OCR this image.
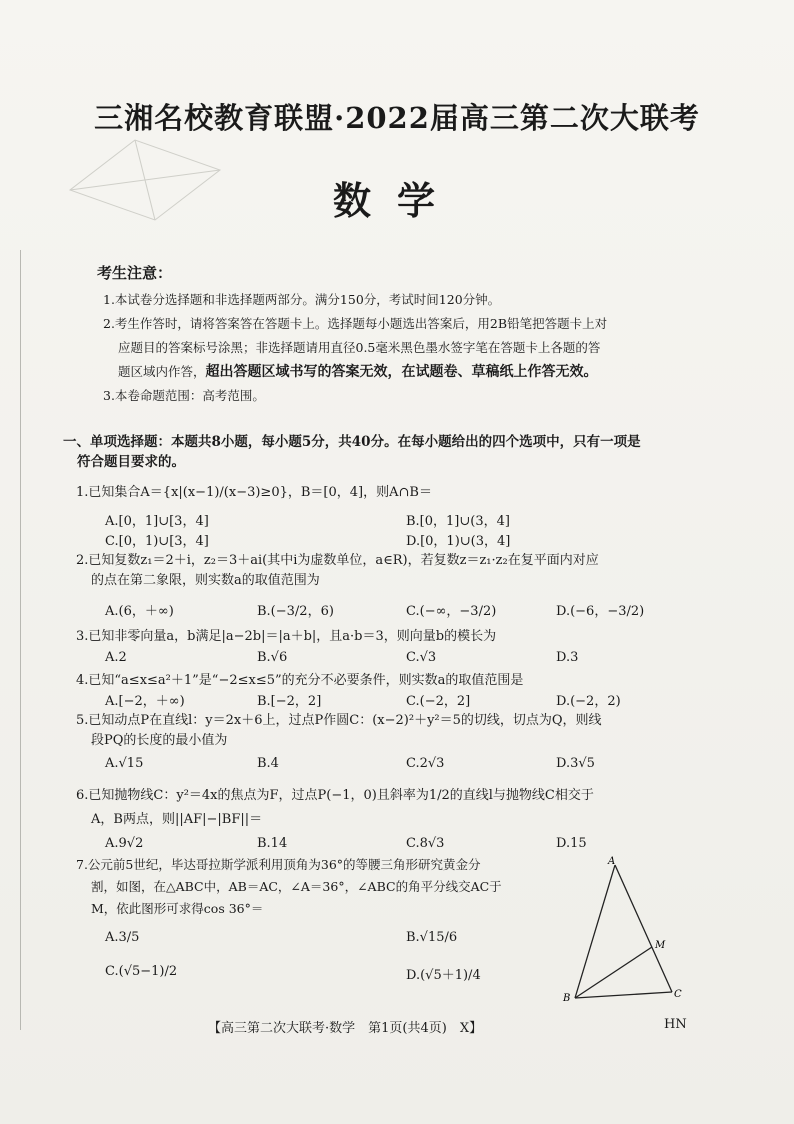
三湘名校教育联盟·2022届高三第二次大联考
数学
考生注意：
1.本试卷分选择题和非选择题两部分。满分150分，考试时间120分钟。
2.考生作答时，请将答案答在答题卡上。选择题每小题选出答案后，用2B铅笔把答题卡上对
应题目的答案标号涂黑；非选择题请用直径0.5毫米黑色墨水签字笔在答题卡上各题的答
题区域内作答，超出答题区域书写的答案无效，在试题卷、草稿纸上作答无效。
3.本卷命题范围：高考范围。
一、单项选择题：本题共8小题，每小题5分，共40分。在每小题给出的四个选项中，只有一项是
符合题目要求的。
1.已知集合A＝{x|(x−1)/(x−3)≥0}，B＝[0，4]，则A∩B＝
A.[0，1]∪[3，4]	B.[0，1]∪(3，4]
C.[0，1)∪[3，4]	D.[0，1)∪(3，4]
2.已知复数z₁＝2＋i，z₂＝3＋ai(其中i为虚数单位，a∈R)，若复数z＝z₁·z₂在复平面内对应
的点在第二象限，则实数a的取值范围为
A.(6，＋∞)	B.(−3/2，6)	C.(−∞，−3/2)	D.(−6，−3/2)
3.已知非零向量a，b满足|a−2b|＝|a＋b|，且a·b＝3，则向量b的模长为
A.2	B.√6	C.√3	D.3
4.已知“a≤x≤a²＋1”是“−2≤x≤5”的充分不必要条件，则实数a的取值范围是
A.[−2，＋∞)	B.[−2，2]	C.(−2，2]	D.(−2，2)
5.已知动点P在直线l：y＝2x＋6上，过点P作圆C：(x−2)²＋y²＝5的切线，切点为Q，则线
段PQ的长度的最小值为
A.√15	B.4	C.2√3	D.3√5
6.已知抛物线C：y²＝4x的焦点为F，过点P(−1，0)且斜率为1/2的直线l与抛物线C相交于
A，B两点，则||AF|−|BF||＝
A.9√2	B.14	C.8√3	D.15
7.公元前5世纪，毕达哥拉斯学派利用顶角为36°的等腰三角形研究黄金分
割，如图，在△ABC中，AB＝AC，∠A＝36°，∠ABC的角平分线交AC于
M，依此图形可求得cos 36°＝
A.3/5	B.√15/6
C.(√5−1)/2	D.(√5＋1)/4
A
B	C
M
【高三第二次大联考·数学　第1页(共4页)　X】	HN
